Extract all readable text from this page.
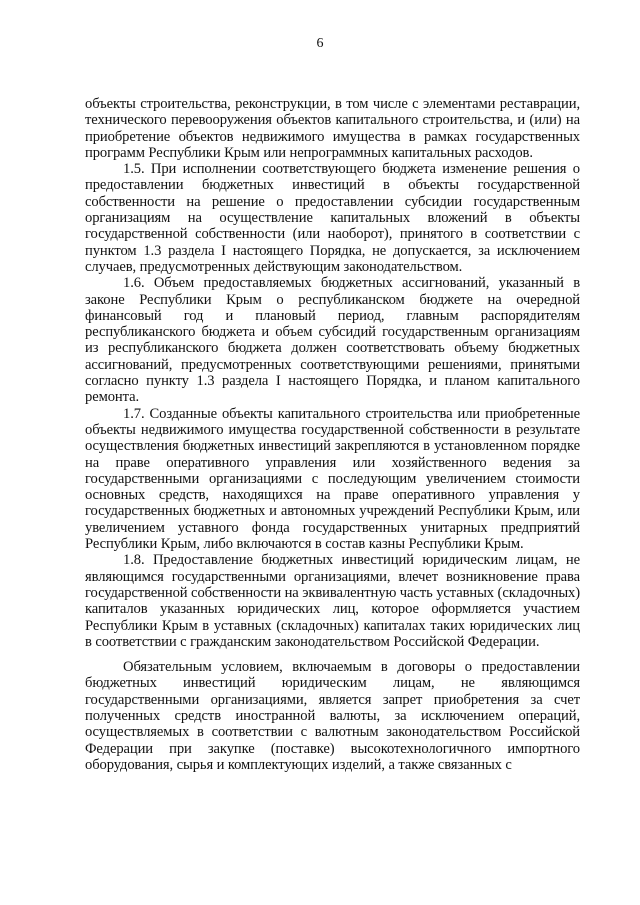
6

объекты строительства, реконструкции, в том числе с элементами реставрации, технического перевооружения объектов капитального строительства, и (или) на приобретение объектов недвижимого имущества в рамках государственных программ Республики Крым или непрограммных капитальных расходов.

1.5. При исполнении соответствующего бюджета изменение решения о предоставлении бюджетных инвестиций в объекты государственной собственности на решение о предоставлении субсидии государственным организациям на осуществление капитальных вложений в объекты государственной собственности (или наоборот), принятого в соответствии с пунктом 1.3 раздела I настоящего Порядка, не допускается, за исключением случаев, предусмотренных действующим законодательством.

1.6. Объем предоставляемых бюджетных ассигнований, указанный в законе Республики Крым о республиканском бюджете на очередной финансовый год и плановый период, главным распорядителям республиканского бюджета и объем субсидий государственным организациям из республиканского бюджета должен соответствовать объему бюджетных ассигнований, предусмотренных соответствующими решениями, принятыми согласно пункту 1.3 раздела I настоящего Порядка, и планом капитального ремонта.

1.7. Созданные объекты капитального строительства или приобретенные объекты недвижимого имущества государственной собственности в результате осуществления бюджетных инвестиций закрепляются в установленном порядке на праве оперативного управления или хозяйственного ведения за государственными организациями с последующим увеличением стоимости основных средств, находящихся на праве оперативного управления у государственных бюджетных и автономных учреждений Республики Крым, или увеличением уставного фонда государственных унитарных предприятий Республики Крым, либо включаются в состав казны Республики Крым.

1.8. Предоставление бюджетных инвестиций юридическим лицам, не являющимся государственными организациями, влечет возникновение права государственной собственности на эквивалентную часть уставных (складочных) капиталов указанных юридических лиц, которое оформляется участием Республики Крым в уставных (складочных) капиталах таких юридических лиц в соответствии с гражданским законодательством Российской Федерации.

Обязательным условием, включаемым в договоры о предоставлении бюджетных инвестиций юридическим лицам, не являющимся государственными организациями, является запрет приобретения за счет полученных средств иностранной валюты, за исключением операций, осуществляемых в соответствии с валютным законодательством Российской Федерации при закупке (поставке) высокотехнологичного импортного оборудования, сырья и комплектующих изделий, а также связанных с
